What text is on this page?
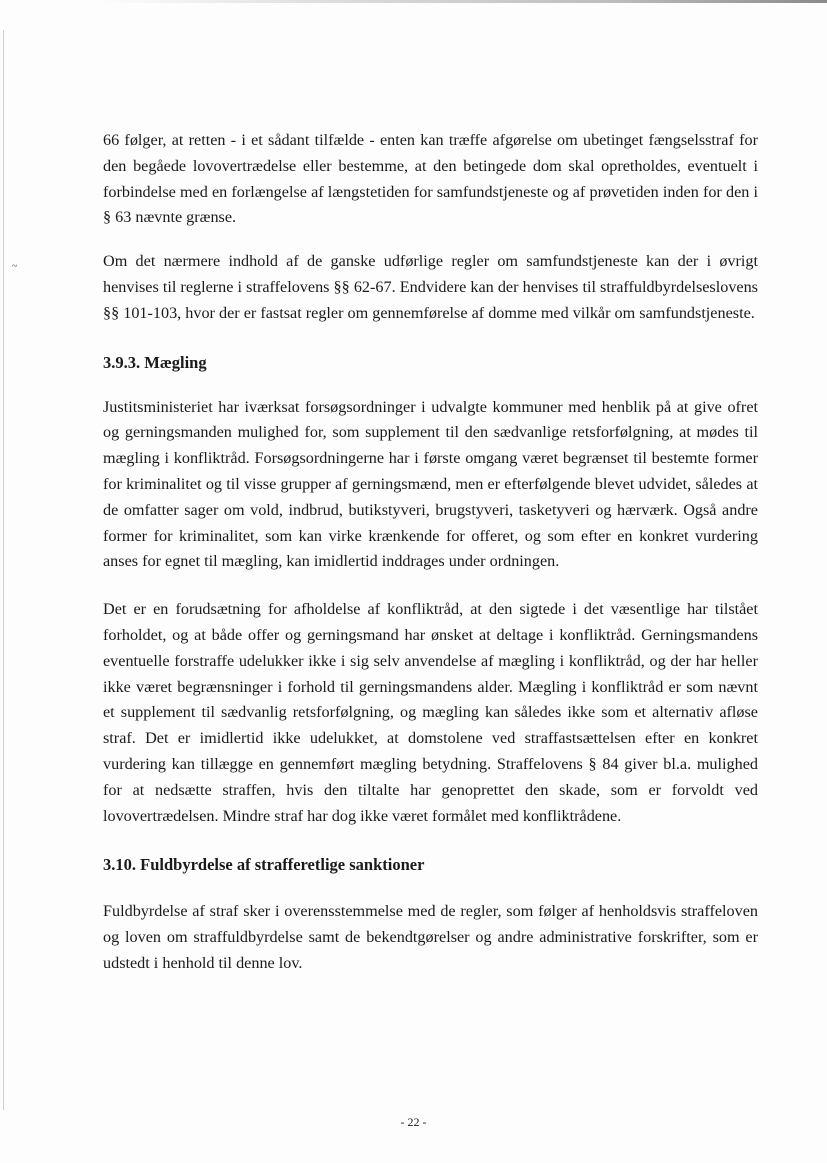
~

66 følger, at retten - i et sådant tilfælde - enten kan træffe afgørelse om ubetinget fængselsstraf for den begåede lovovertrædelse eller bestemme, at den betingede dom skal opretholdes, eventuelt i forbindelse med en forlængelse af længstetiden for samfundstjeneste og af prøvetiden inden for den i § 63 nævnte grænse.

Om det nærmere indhold af de ganske udførlige regler om samfundstjeneste kan der i øvrigt henvises til reglerne i straffelovens §§ 62-67. Endvidere kan der henvises til straffuldbyrdelseslovens §§ 101-103, hvor der er fastsat regler om gennemførelse af domme med vilkår om samfundstjeneste.

3.9.3. Mægling

Justitsministeriet har iværksat forsøgsordninger i udvalgte kommuner med henblik på at give ofret og gerningsmanden mulighed for, som supplement til den sædvanlige retsforfølgning, at mødes til mægling i konfliktråd. Forsøgsordningerne har i første omgang været begrænset til bestemte former for kriminalitet og til visse grupper af gerningsmænd, men er efterfølgende blevet udvidet, således at de omfatter sager om vold, indbrud, butikstyveri, brugstyveri, tasketyveri og hærværk. Også andre former for kriminalitet, som kan virke krænkende for offeret, og som efter en konkret vurdering anses for egnet til mægling, kan imidlertid inddrages under ordningen.

Det er en forudsætning for afholdelse af konfliktråd, at den sigtede i det væsentlige har tilstået forholdet, og at både offer og gerningsmand har ønsket at deltage i konfliktråd. Gerningsmandens eventuelle forstraffe udelukker ikke i sig selv anvendelse af mægling i konfliktråd, og der har heller ikke været begrænsninger i forhold til gerningsmandens alder. Mægling i konfliktråd er som nævnt et supplement til sædvanlig retsforfølgning, og mægling kan således ikke som et alternativ afløse straf. Det er imidlertid ikke udelukket, at domstolene ved straffastsættelsen efter en konkret vurdering kan tillægge en gennemført mægling betydning. Straffelovens § 84 giver bl.a. mulighed for at nedsætte straffen, hvis den tiltalte har genoprettet den skade, som er forvoldt ved lovovertrædelsen. Mindre straf har dog ikke været formålet med konfliktrådene.

3.10. Fuldbyrdelse af strafferetlige sanktioner

Fuldbyrdelse af straf sker i overensstemmelse med de regler, som følger af henholdsvis straffeloven og loven om straffuldbyrdelse samt de bekendtgørelser og andre administrative forskrifter, som er udstedt i henhold til denne lov.

- 22 -
